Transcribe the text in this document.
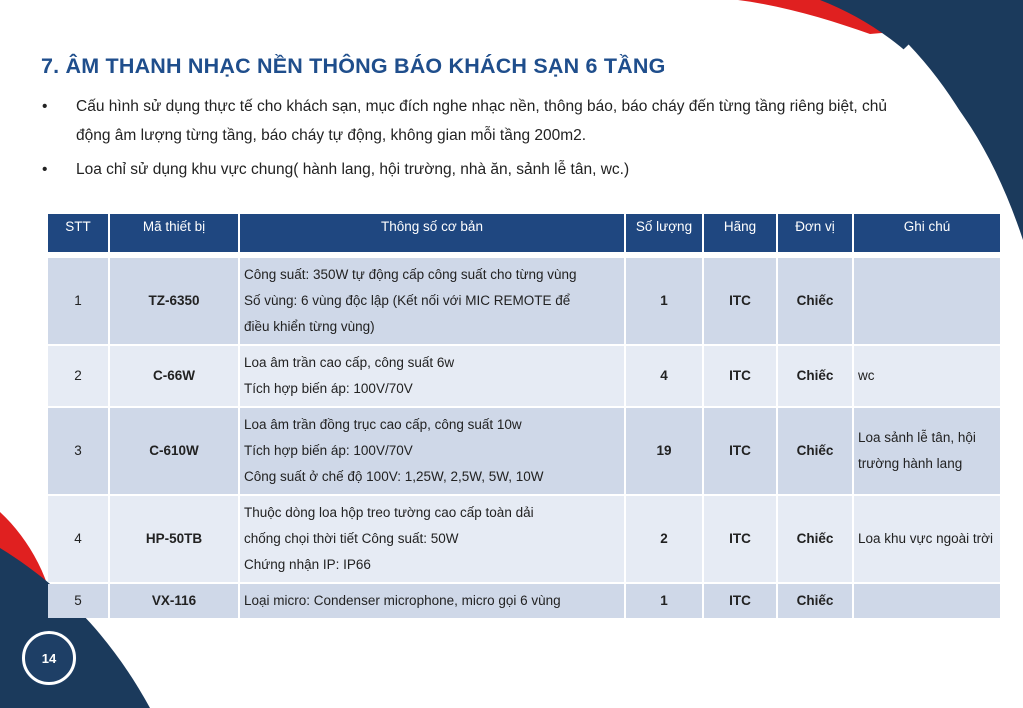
7. ÂM THANH NHẠC NỀN THÔNG BÁO KHÁCH SẠN 6 TẦNG
•	Cấu hình sử dụng thực tế cho khách sạn, mục đích nghe nhạc nền, thông báo, báo cháy đến từng tầng riêng biệt, chủ động âm lượng từng tầng, báo cháy tự động, không gian mỗi tầng 200m2.
•	Loa chỉ sử dụng khu vực chung( hành lang, hội trường, nhà ăn, sảnh lễ tân, wc.)
STT	Mã thiết bị	Thông số cơ bản	Số lượng	Hãng	Đơn vị	Ghi chú
1	TZ-6350	Công suất: 350W tự động cấp công suất cho từng vùng
Số vùng: 6 vùng độc lập (Kết nối với MIC REMOTE để
điều khiển từng vùng)	1	ITC	Chiếc	
2	C-66W	Loa âm trần cao cấp, công suất 6w
Tích hợp biến áp: 100V/70V	4	ITC	Chiếc	wc
3	C-610W	Loa âm trần đồng trục cao cấp, công suất 10w
Tích hợp biến áp: 100V/70V
Công suất ở chế độ 100V: 1,25W, 2,5W, 5W, 10W	19	ITC	Chiếc	Loa sảnh lễ tân, hội trường hành lang
4	HP-50TB	Thuộc dòng loa hộp treo tường cao cấp toàn dải
chống chọi thời tiết Công suất: 50W
Chứng nhận IP: IP66	2	ITC	Chiếc	Loa khu vực ngoài trời
5	VX-116	Loại micro: Condenser microphone, micro gọi 6 vùng	1	ITC	Chiếc	
14
